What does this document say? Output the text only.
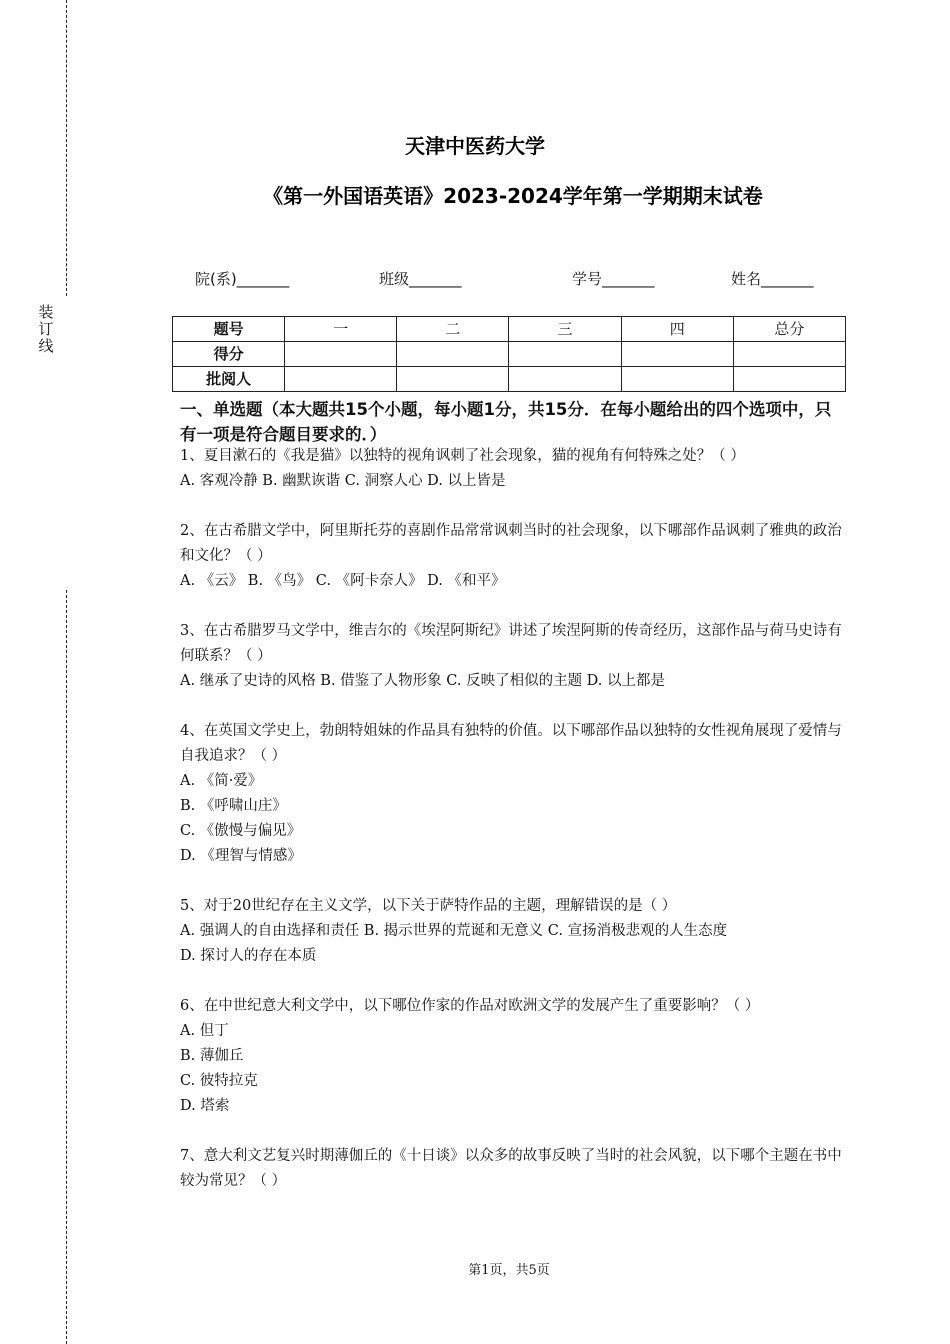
装订线
天津中医药大学
《第一外国语英语》2023-2024学年第一学期期末试卷
院(系)_______	班级_______	学号_______	姓名_______
题号	一	二	三	四	总分
得分					
批阅人					
一、单选题（本大题共15个小题，每小题1分，共15分．在每小题给出的四个选项中，只有一项是符合题目要求的．）

1、夏目漱石的《我是猫》以独特的视角讽刺了社会现象，猫的视角有何特殊之处？（ ）

A. 客观冷静 B. 幽默诙谐 C. 洞察人心 D. 以上皆是

2、在古希腊文学中，阿里斯托芬的喜剧作品常常讽刺当时的社会现象，以下哪部作品讽刺了雅典的政治和文化？（ ）

A. 《云》 B. 《鸟》 C. 《阿卡奈人》 D. 《和平》

3、在古希腊罗马文学中，维吉尔的《埃涅阿斯纪》讲述了埃涅阿斯的传奇经历，这部作品与荷马史诗有何联系？（ ）

A. 继承了史诗的风格 B. 借鉴了人物形象 C. 反映了相似的主题 D. 以上都是

4、在英国文学史上，勃朗特姐妹的作品具有独特的价值。以下哪部作品以独特的女性视角展现了爱情与自我追求？（ ）

A. 《简·爱》

B. 《呼啸山庄》

C. 《傲慢与偏见》

D. 《理智与情感》

5、对于20世纪存在主义文学，以下关于萨特作品的主题，理解错误的是（ ）

A. 强调人的自由选择和责任 B. 揭示世界的荒诞和无意义 C. 宣扬消极悲观的人生态度

D. 探讨人的存在本质

6、在中世纪意大利文学中，以下哪位作家的作品对欧洲文学的发展产生了重要影响？（ ）

A. 但丁

B. 薄伽丘

C. 彼特拉克

D. 塔索

7、意大利文艺复兴时期薄伽丘的《十日谈》以众多的故事反映了当时的社会风貌，以下哪个主题在书中较为常见？（ ）

第1页，共5页
